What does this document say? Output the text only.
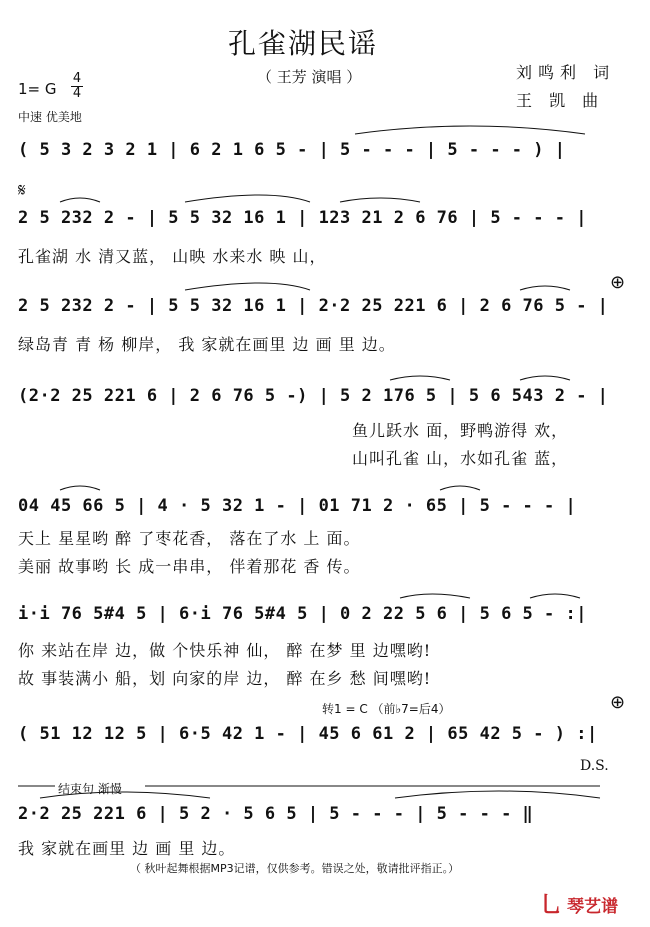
孔雀湖民谣
（ 王芳 演唱 ）	刘鸣利 词
王 凯 曲
1= G
4
4
中速 优美地
( 5 3 2 3 2 1 | 6 2 1 6 5 - | 5 - - - | 5 - - - ) |
𝄋
2 5 232 2 - | 5 5 32 16 1 | 123 21 2 6 76 | 5 - - - |
孔雀湖 水 清又蓝， 山映 水来水 映 山，
⊕
2 5 232 2 - | 5 5 32 16 1 | 2·2 25 221 6 | 2 6 76 5 - |
绿岛青 青 杨 柳岸， 我 家就在画里 边 画 里 边。
(2·2 25 221 6 | 2 6 76 5 -) | 5 2 176 5 | 5 6 543 2 - |
鱼儿跃水 面，野鸭游得 欢，
山叫孔雀 山，水如孔雀 蓝，
04 45 66 5 | 4 · 5 32 1 - | 01 71 2 · 65 | 5 - - - |
天上 星星哟 醉 了枣花香， 落在了水 上 面。
美丽 故事哟 长 成一串串， 伴着那花 香 传。
i·i 76 5#4 5 | 6·i 76 5#4 5 | 0 2 22 5 6 | 5 6 5 - :|
你 来站在岸 边，做 个快乐神 仙， 醉 在梦 里 边嘿哟!
故 事装满小 船，划 向家的岸 边， 醉 在乡 愁 间嘿哟!
转1 = C （前♭7=后4）	⊕
( 51 12 12 5 | 6·5 42 1 - | 45 6 61 2 | 65 42 5 - ) :|
D.S.
结束句 渐慢
2·2 25 221 6 | 5 2 · 5 6 5 | 5 - - - | 5 - - - ‖
我 家就在画里 边 画 里 边。
（ 秋叶起舞根据MP3记谱，仅供参考。错误之处，敬请批评指正。）
乚 琴艺谱
